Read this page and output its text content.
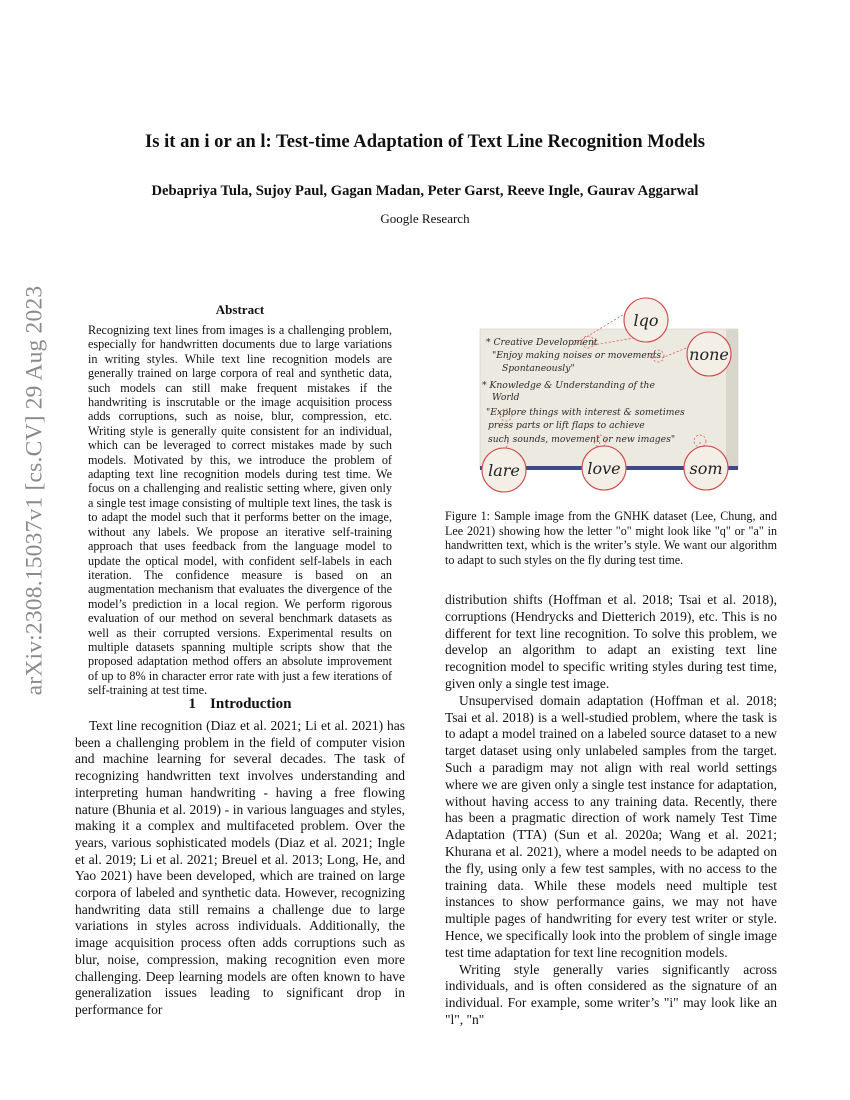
arXiv:2308.15037v1 [cs.CV] 29 Aug 2023
Is it an i or an l: Test-time Adaptation of Text Line Recognition Models
Debapriya Tula, Sujoy Paul, Gagan Madan, Peter Garst, Reeve Ingle, Gaurav Aggarwal
Google Research
Abstract
Recognizing text lines from images is a challenging problem, especially for handwritten documents due to large variations in writing styles. While text line recognition models are generally trained on large corpora of real and synthetic data, such models can still make frequent mistakes if the handwriting is inscrutable or the image acquisition process adds corruptions, such as noise, blur, compression, etc. Writing style is generally quite consistent for an individual, which can be leveraged to correct mistakes made by such models. Motivated by this, we introduce the problem of adapting text line recognition models during test time. We focus on a challenging and realistic setting where, given only a single test image consisting of multiple text lines, the task is to adapt the model such that it performs better on the image, without any labels. We propose an iterative self-training approach that uses feedback from the language model to update the optical model, with confident self-labels in each iteration. The confidence measure is based on an augmentation mechanism that evaluates the divergence of the model’s prediction in a local region. We perform rigorous evaluation of our method on several benchmark datasets as well as their corrupted versions. Experimental results on multiple datasets spanning multiple scripts show that the proposed adaptation method offers an absolute improvement of up to 8% in character error rate with just a few iterations of self-training at test time.
1 Introduction

Text line recognition (Diaz et al. 2021; Li et al. 2021) has been a challenging problem in the field of computer vision and machine learning for several decades. The task of recognizing handwritten text involves understanding and interpreting human handwriting - having a free flowing nature (Bhunia et al. 2019) - in various languages and styles, making it a complex and multifaceted problem. Over the years, various sophisticated models (Diaz et al. 2021; Ingle et al. 2019; Li et al. 2021; Breuel et al. 2013; Long, He, and Yao 2021) have been developed, which are trained on large corpora of labeled and synthetic data. However, recognizing handwriting data still remains a challenge due to large variations in styles across individuals. Additionally, the image acquisition process often adds corruptions such as blur, noise, compression, making recognition even more challenging. Deep learning models are often known to have generalization issues leading to significant drop in performance for

* Creative Development
"Enjoy making noises or movements
Spontaneously"
* Knowledge & Understanding of the
World
"Explore things with interest & sometimes
press parts or lift flaps to achieve
such sounds, movement or new images"
lqo
none
lare	love	som
Figure 1: Sample image from the GNHK dataset (Lee, Chung, and Lee 2021) showing how the letter "o" might look like "q" or "a" in handwritten text, which is the writer’s style. We want our algorithm to adapt to such styles on the fly during test time.

distribution shifts (Hoffman et al. 2018; Tsai et al. 2018), corruptions (Hendrycks and Dietterich 2019), etc. This is no different for text line recognition. To solve this problem, we develop an algorithm to adapt an existing text line recognition model to specific writing styles during test time, given only a single test image.

Unsupervised domain adaptation (Hoffman et al. 2018; Tsai et al. 2018) is a well-studied problem, where the task is to adapt a model trained on a labeled source dataset to a new target dataset using only unlabeled samples from the target. Such a paradigm may not align with real world settings where we are given only a single test instance for adaptation, without having access to any training data. Recently, there has been a pragmatic direction of work namely Test Time Adaptation (TTA) (Sun et al. 2020a; Wang et al. 2021; Khurana et al. 2021), where a model needs to be adapted on the fly, using only a few test samples, with no access to the training data. While these models need multiple test instances to show performance gains, we may not have multiple pages of handwriting for every test writer or style. Hence, we specifically look into the problem of single image test time adaptation for text line recognition models.

Writing style generally varies significantly across individuals, and is often considered as the signature of an individual. For example, some writer’s "i" may look like an "l", "n"
